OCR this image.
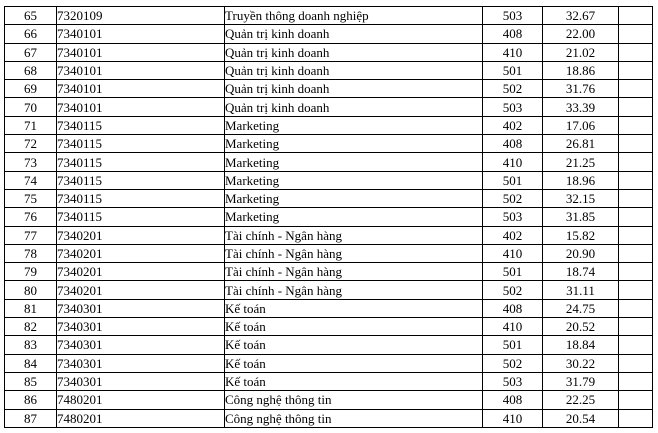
65	7320109	Truyền thông doanh nghiệp	503	32.67	
66	7340101	Quản trị kinh doanh	408	22.00	
67	7340101	Quản trị kinh doanh	410	21.02	
68	7340101	Quản trị kinh doanh	501	18.86	
69	7340101	Quản trị kinh doanh	502	31.76	
70	7340101	Quản trị kinh doanh	503	33.39	
71	7340115	Marketing	402	17.06	
72	7340115	Marketing	408	26.81	
73	7340115	Marketing	410	21.25	
74	7340115	Marketing	501	18.96	
75	7340115	Marketing	502	32.15	
76	7340115	Marketing	503	31.85	
77	7340201	Tài chính - Ngân hàng	402	15.82	
78	7340201	Tài chính - Ngân hàng	410	20.90	
79	7340201	Tài chính - Ngân hàng	501	18.74	
80	7340201	Tài chính - Ngân hàng	502	31.11	
81	7340301	Kế toán	408	24.75	
82	7340301	Kế toán	410	20.52	
83	7340301	Kế toán	501	18.84	
84	7340301	Kế toán	502	30.22	
85	7340301	Kế toán	503	31.79	
86	7480201	Công nghệ thông tin	408	22.25	
87	7480201	Công nghệ thông tin	410	20.54	
